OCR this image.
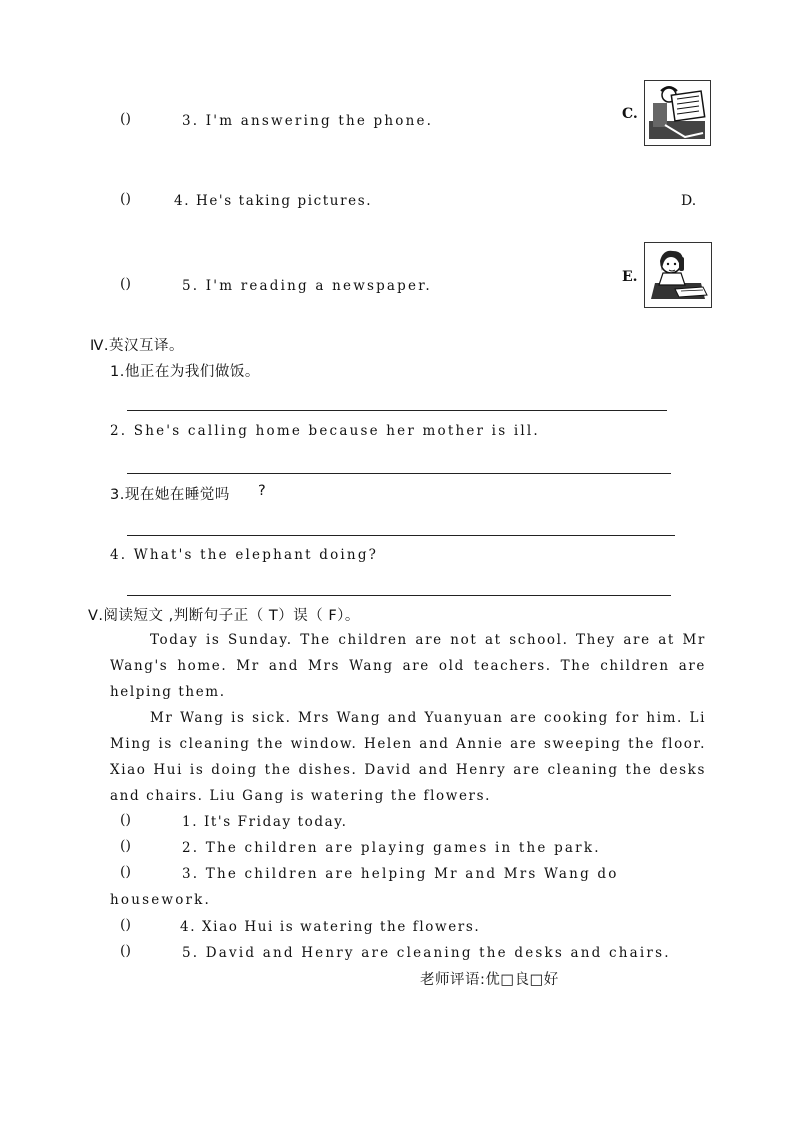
()	3. I'm answering the phone.	C.
()	4. He's taking pictures.	D.
()	5. I'm reading a newspaper.
E.
Ⅳ.英汉互译。
1.他正在为我们做饭。
2. She's calling home because her mother is ill.
3.现在她在睡觉吗 ?
4. What's the elephant doing?
Ⅴ.阅读短文 ,判断句子正（ T）误（ F）。
Today is Sunday. The children are not at school. They are at Mr Wang's home. Mr and Mrs Wang are old teachers. The children are helping them.
Mr Wang is sick. Mrs Wang and Yuanyuan are cooking for him. Li Ming is cleaning the window. Helen and Annie are sweeping the floor. Xiao Hui is doing the dishes. David and Henry are cleaning the desks and chairs. Liu Gang is watering the flowers.
()	1. It's Friday today.
()	2. The children are playing games in the park.
()	3. The children are helping Mr and Mrs Wang do
housework.
()	4. Xiao Hui is watering the flowers.
()	5. David and Henry are cleaning the desks and chairs.
老师评语:优□良□好
